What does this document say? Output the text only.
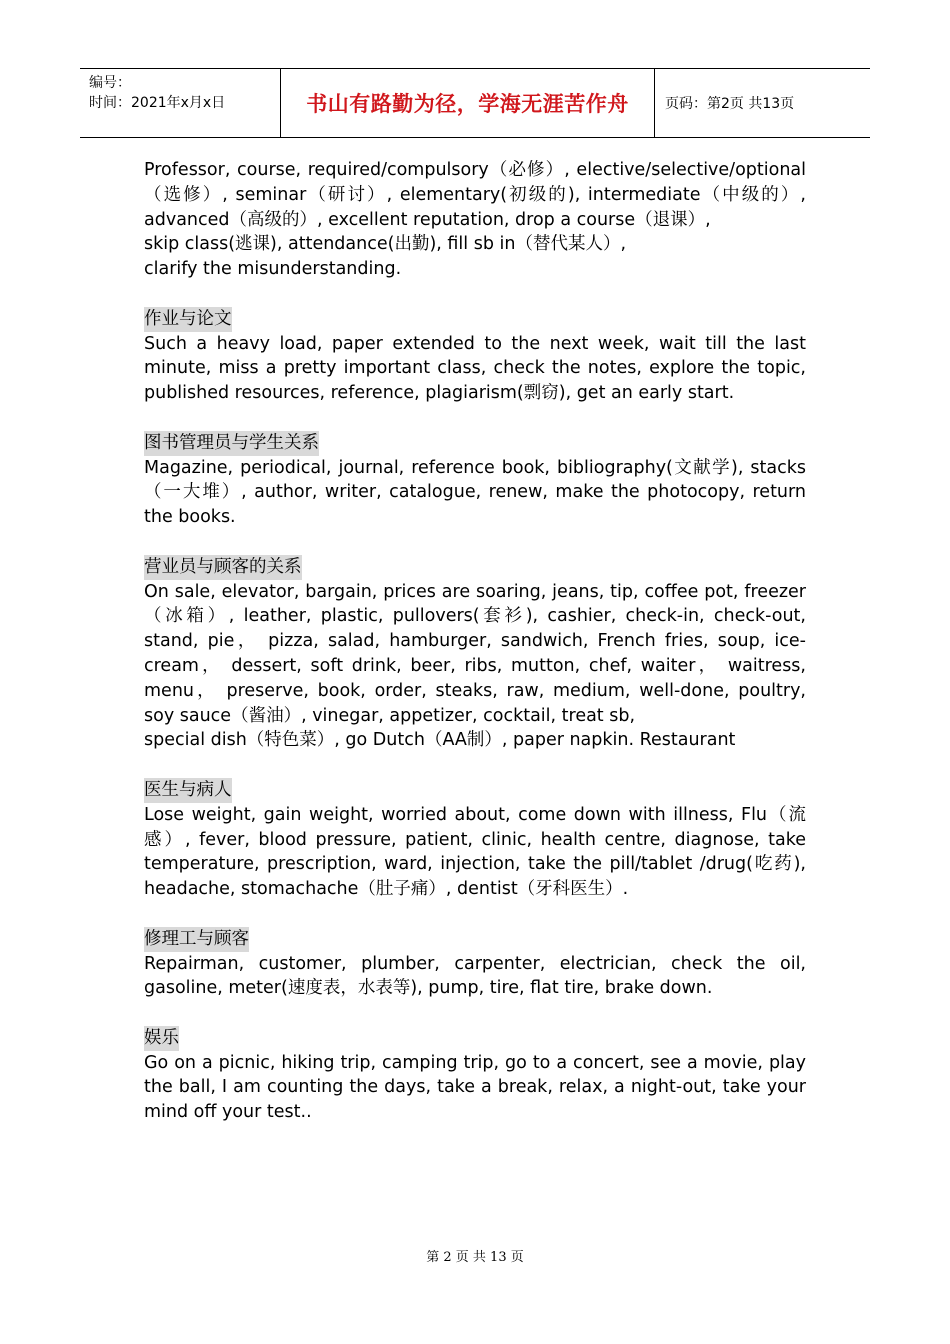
编号：
时间：2021年x月x日	书山有路勤为径，学海无涯苦作舟	页码：第2页 共13页

Professor, course, required/compulsory（必修）, elective/selective/optional（选修）, seminar（研讨）, elementary(初级的), intermediate（中级的）, advanced（高级的）, excellent reputation, drop a course（退课）,

skip class(逃课), attendance(出勤), fill sb in（替代某人）,

clarify the misunderstanding.

作业与论文

Such a heavy load, paper extended to the next week, wait till the last minute, miss a pretty important class, check the notes, explore the topic, published resources, reference, plagiarism(剽窃), get an early start.

图书管理员与学生关系

Magazine, periodical, journal, reference book, bibliography(文献学), stacks（一大堆）, author, writer, catalogue, renew, make the photocopy, return the books.

营业员与顾客的关系

On sale, elevator, bargain, prices are soaring, jeans, tip, coffee pot, freezer（冰箱）, leather, plastic, pullovers(套衫), cashier, check-in, check-out, stand, pie， pizza, salad, hamburger, sandwich, French fries, soup, ice-cream， dessert, soft drink, beer, ribs, mutton, chef, waiter， waitress, menu， preserve, book, order, steaks, raw, medium, well-done, poultry, soy sauce（酱油）, vinegar, appetizer, cocktail, treat sb,

special dish（特色菜）, go Dutch（AA制）, paper napkin. Restaurant

医生与病人

Lose weight, gain weight, worried about, come down with illness, Flu（流感）, fever, blood pressure, patient, clinic, health centre, diagnose, take temperature, prescription, ward, injection, take the pill/tablet /drug(吃药), headache, stomachache（肚子痛）, dentist（牙科医生）.

修理工与顾客

Repairman, customer, plumber, carpenter, electrician, check the oil, gasoline, meter(速度表，水表等), pump, tire, flat tire, brake down.

娱乐

Go on a picnic, hiking trip, camping trip, go to a concert, see a movie, play the ball, I am counting the days, take a break, relax, a night-out, take your mind off your test..

第 2 页 共 13 页
